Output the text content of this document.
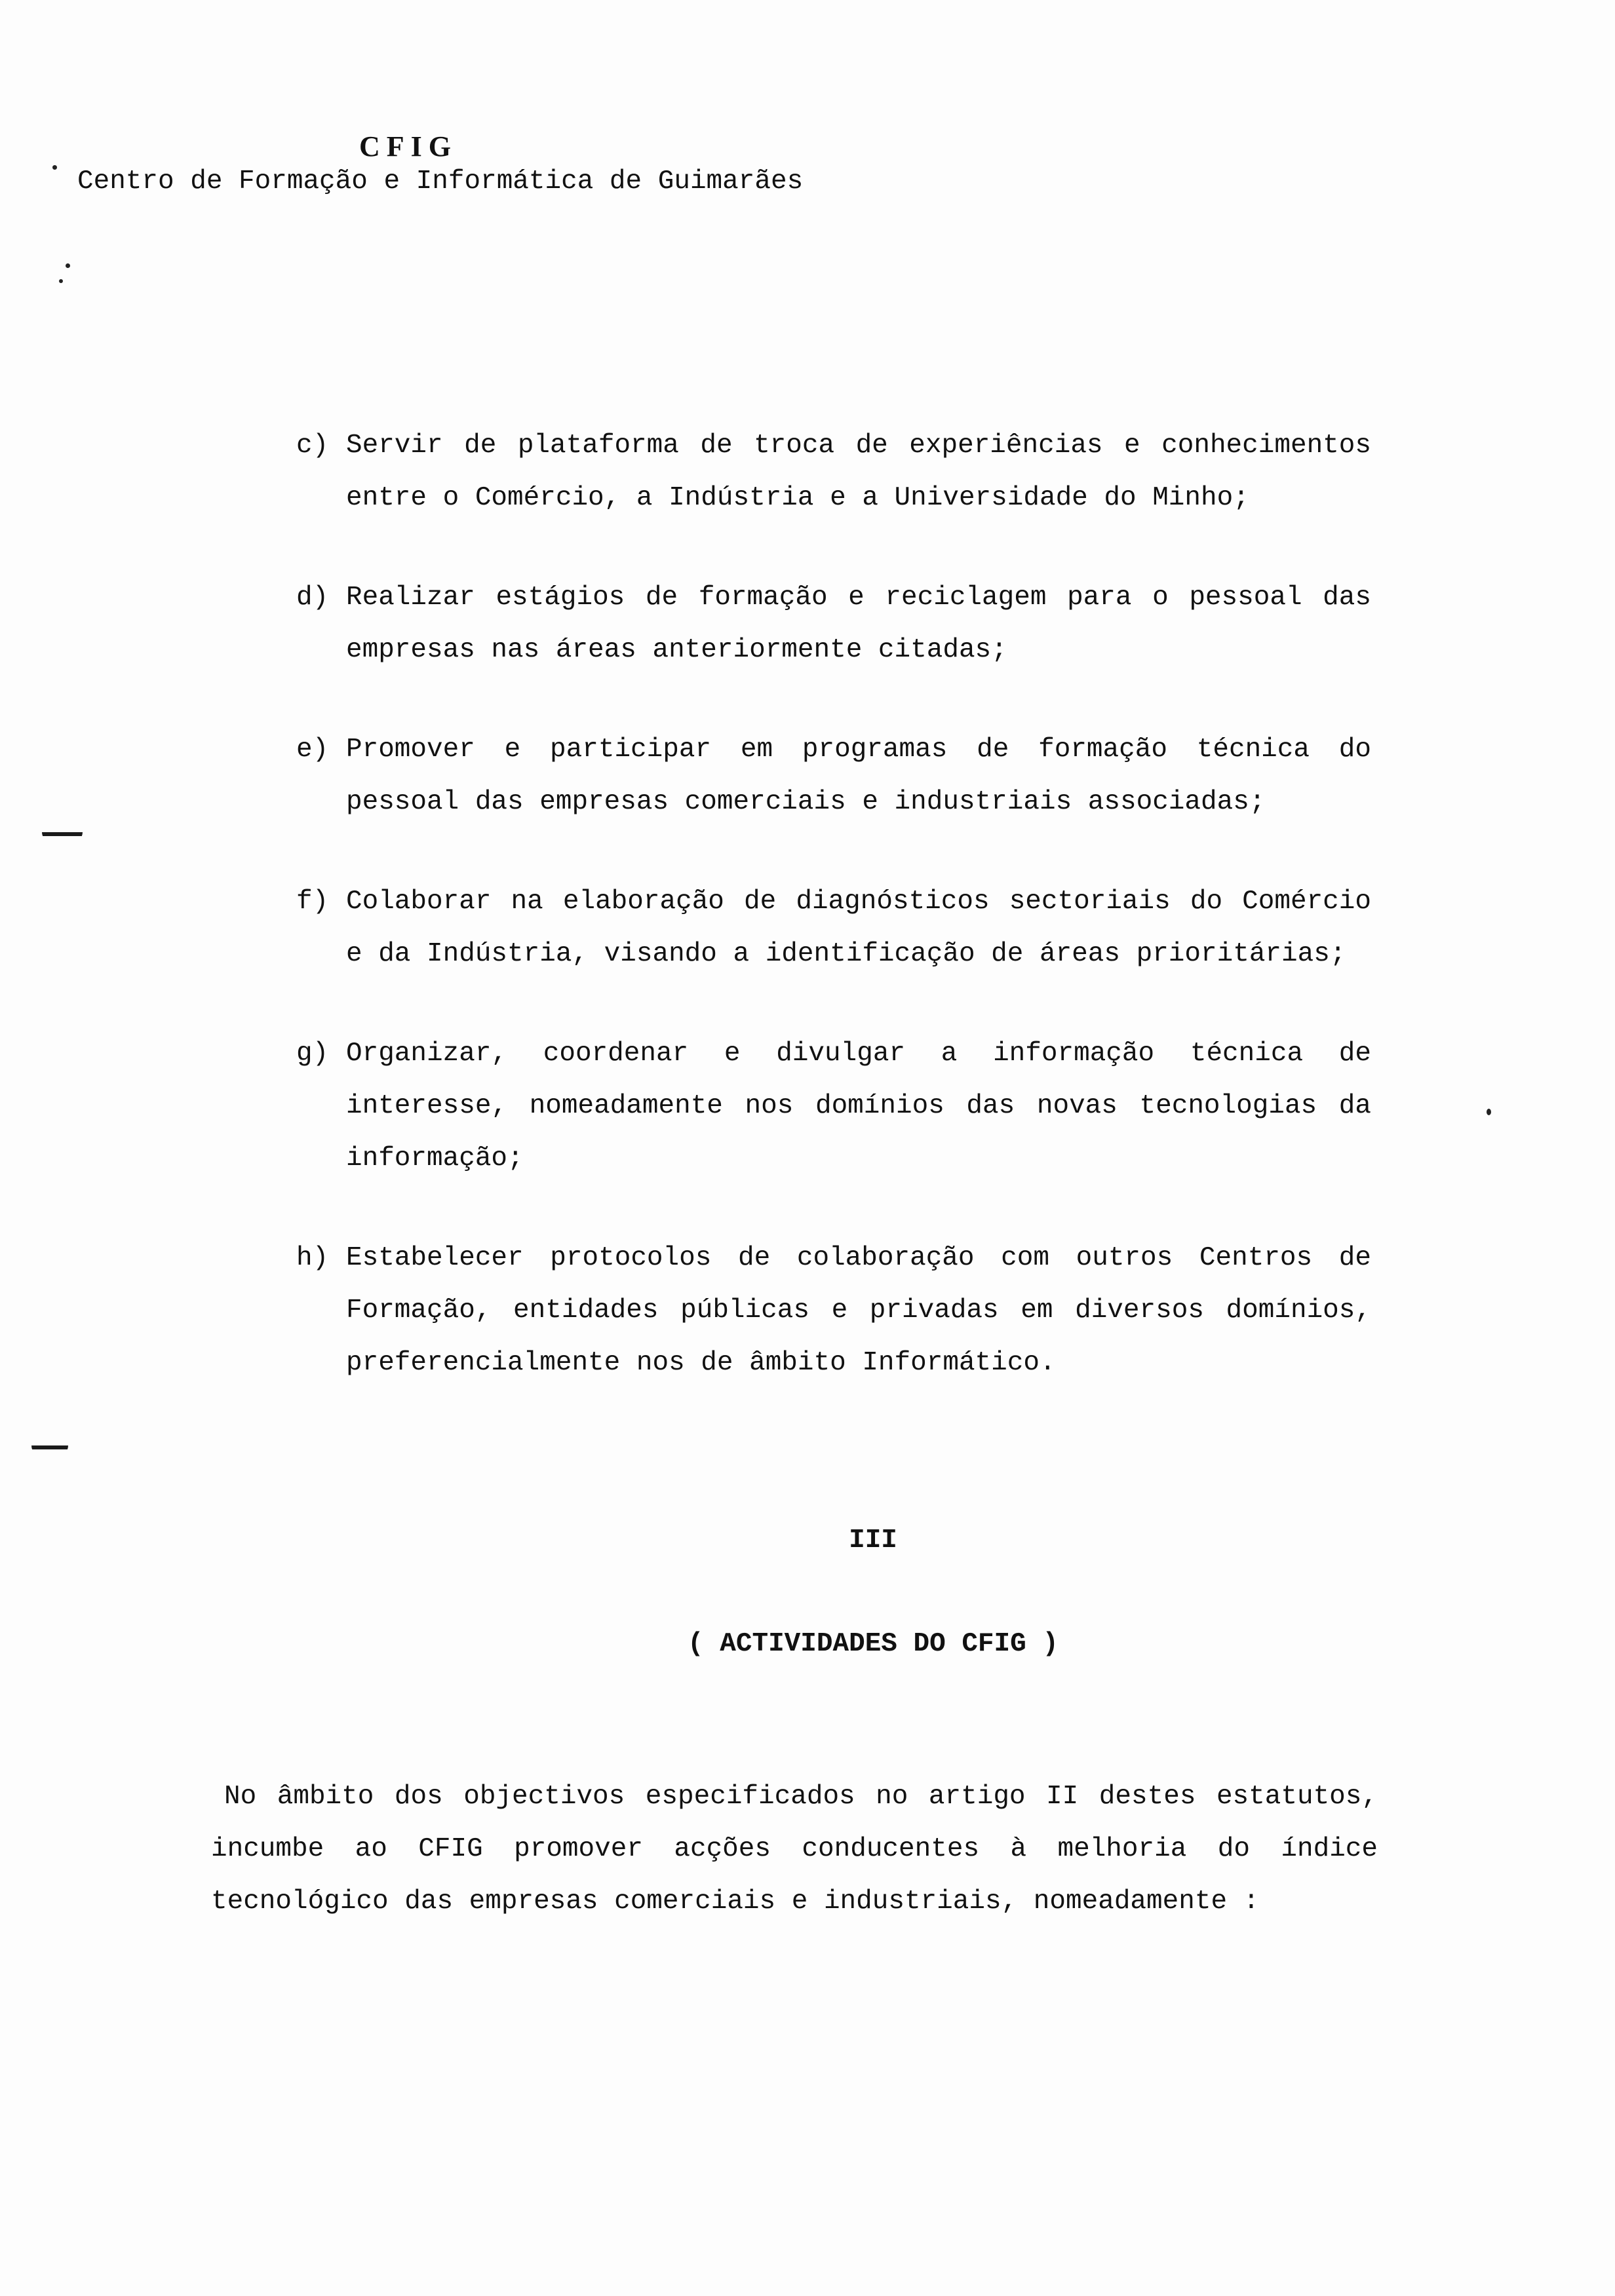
CFIG

Centro de Formação e Informática de Guimarães

c) Servir de plataforma de troca de experiências e conhecimentos entre o Comércio, a Indústria e a Universidade do Minho;
d) Realizar estágios de formação e reciclagem para o pessoal das empresas nas áreas anteriormente citadas;
e) Promover e participar em programas de formação técnica do pessoal das empresas comerciais e industriais associadas;
f) Colaborar na elaboração de diagnósticos sectoriais do Comércio e da Indústria, visando a identificação de áreas prioritárias;
g) Organizar, coordenar e divulgar a informação técnica de interesse, nomeadamente nos domínios das novas tecnologias da informação;
h) Estabelecer protocolos de colaboração com outros Centros de Formação, entidades públicas e privadas em diversos domínios, preferencialmente nos de âmbito Informático.
III
( ACTIVIDADES DO CFIG )

No âmbito dos objectivos especificados no artigo II destes estatutos, incumbe ao CFIG promover acções conducentes à melhoria do índice tecnológico das empresas comerciais e industriais, nomeadamente :
